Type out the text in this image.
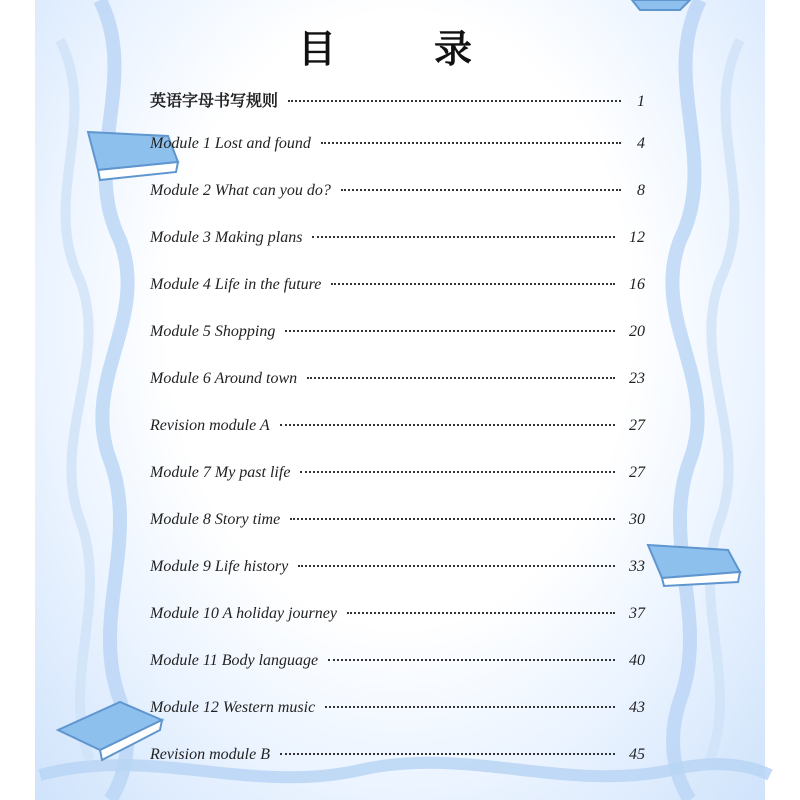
目　录
英语字母书写规则	1
Module 1 Lost and found	4
Module 2 What can you do?	8
Module 3 Making plans	12
Module 4 Life in the future	16
Module 5 Shopping	20
Module 6 Around town	23
Revision module A	27
Module 7 My past life	27
Module 8 Story time	30
Module 9 Life history	33
Module 10 A holiday journey	37
Module 11 Body language	40
Module 12 Western music	43
Revision module B	45
